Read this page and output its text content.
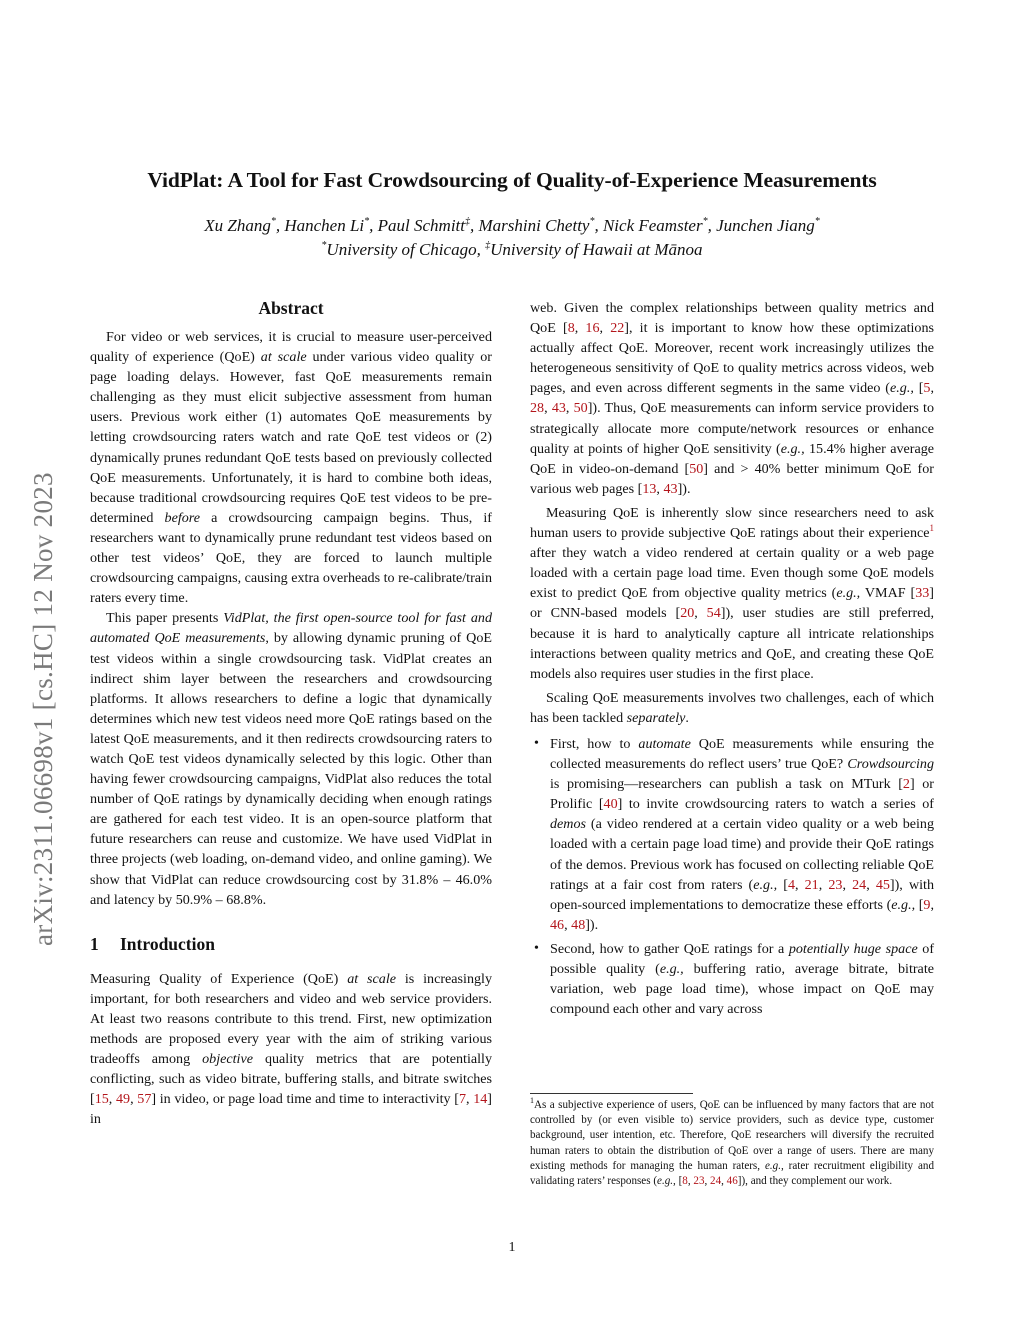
VidPlat: A Tool for Fast Crowdsourcing of Quality-of-Experience Measurements
Xu Zhang*, Hanchen Li*, Paul Schmitt‡, Marshini Chetty*, Nick Feamster*, Junchen Jiang*
*University of Chicago, ‡University of Hawaii at Mānoa
arXiv:2311.06698v1 [cs.HC] 12 Nov 2023
Abstract

For video or web services, it is crucial to measure user-perceived quality of experience (QoE) at scale under various video quality or page loading delays. However, fast QoE measurements remain challenging as they must elicit subjective assessment from human users. Previous work either (1) automates QoE measurements by letting crowdsourcing raters watch and rate QoE test videos or (2) dynamically prunes redundant QoE tests based on previously collected QoE measurements. Unfortunately, it is hard to combine both ideas, because traditional crowdsourcing requires QoE test videos to be pre-determined before a crowdsourcing campaign begins. Thus, if researchers want to dynamically prune redundant test videos based on other test videos’ QoE, they are forced to launch multiple crowdsourcing campaigns, causing extra overheads to re-calibrate/train raters every time.

This paper presents VidPlat, the first open-source tool for fast and automated QoE measurements, by allowing dynamic pruning of QoE test videos within a single crowdsourcing task. VidPlat creates an indirect shim layer between the researchers and crowdsourcing platforms. It allows researchers to define a logic that dynamically determines which new test videos need more QoE ratings based on the latest QoE measurements, and it then redirects crowdsourcing raters to watch QoE test videos dynamically selected by this logic. Other than having fewer crowdsourcing campaigns, VidPlat also reduces the total number of QoE ratings by dynamically deciding when enough ratings are gathered for each test video. It is an open-source platform that future researchers can reuse and customize. We have used VidPlat in three projects (web loading, on-demand video, and online gaming). We show that VidPlat can reduce crowdsourcing cost by 31.8% – 46.0% and latency by 50.9% – 68.8%.

1 Introduction

Measuring Quality of Experience (QoE) at scale is increasingly important, for both researchers and video and web service providers. At least two reasons contribute to this trend. First, new optimization methods are proposed every year with the aim of striking various tradeoffs among objective quality metrics that are potentially conflicting, such as video bitrate, buffering stalls, and bitrate switches [15, 49, 57] in video, or page load time and time to interactivity [7, 14] in

web. Given the complex relationships between quality metrics and QoE [8, 16, 22], it is important to know how these optimizations actually affect QoE. Moreover, recent work increasingly utilizes the heterogeneous sensitivity of QoE to quality metrics across videos, web pages, and even across different segments in the same video (e.g., [5, 28, 43, 50]). Thus, QoE measurements can inform service providers to strategically allocate more compute/network resources or enhance quality at points of higher QoE sensitivity (e.g., 15.4% higher average QoE in video-on-demand [50] and > 40% better minimum QoE for various web pages [13, 43]).

Measuring QoE is inherently slow since researchers need to ask human users to provide subjective QoE ratings about their experience$^1$ after they watch a video rendered at certain quality or a web page loaded with a certain page load time. Even though some QoE models exist to predict QoE from objective quality metrics (e.g., VMAF [33] or CNN-based models [20, 54]), user studies are still preferred, because it is hard to analytically capture all intricate relationships interactions between quality metrics and QoE, and creating these QoE models also requires user studies in the first place.

Scaling QoE measurements involves two challenges, each of which has been tackled separately.

• First, how to automate QoE measurements while ensuring the collected measurements do reflect users’ true QoE? Crowdsourcing is promising—researchers can publish a task on MTurk [2] or Prolific [40] to invite crowdsourcing raters to watch a series of demos (a video rendered at a certain video quality or a web being loaded with a certain page load time) and provide their QoE ratings of the demos. Previous work has focused on collecting reliable QoE ratings at a fair cost from raters (e.g., [4, 21, 23, 24, 45]), with open-sourced implementations to democratize these efforts (e.g., [9, 46, 48]).

• Second, how to gather QoE ratings for a potentially huge space of possible quality (e.g., buffering ratio, average bitrate, bitrate variation, web page load time), whose impact on QoE may compound each other and vary across

$^1$As a subjective experience of users, QoE can be influenced by many factors that are not controlled by (or even visible to) service providers, such as device type, customer background, user intention, etc. Therefore, QoE researchers will diversify the recruited human raters to obtain the distribution of QoE over a range of users. There are many existing methods for managing the human raters, e.g., rater recruitment eligibility and validating raters’ responses (e.g., [8, 23, 24, 46]), and they complement our work.
1
